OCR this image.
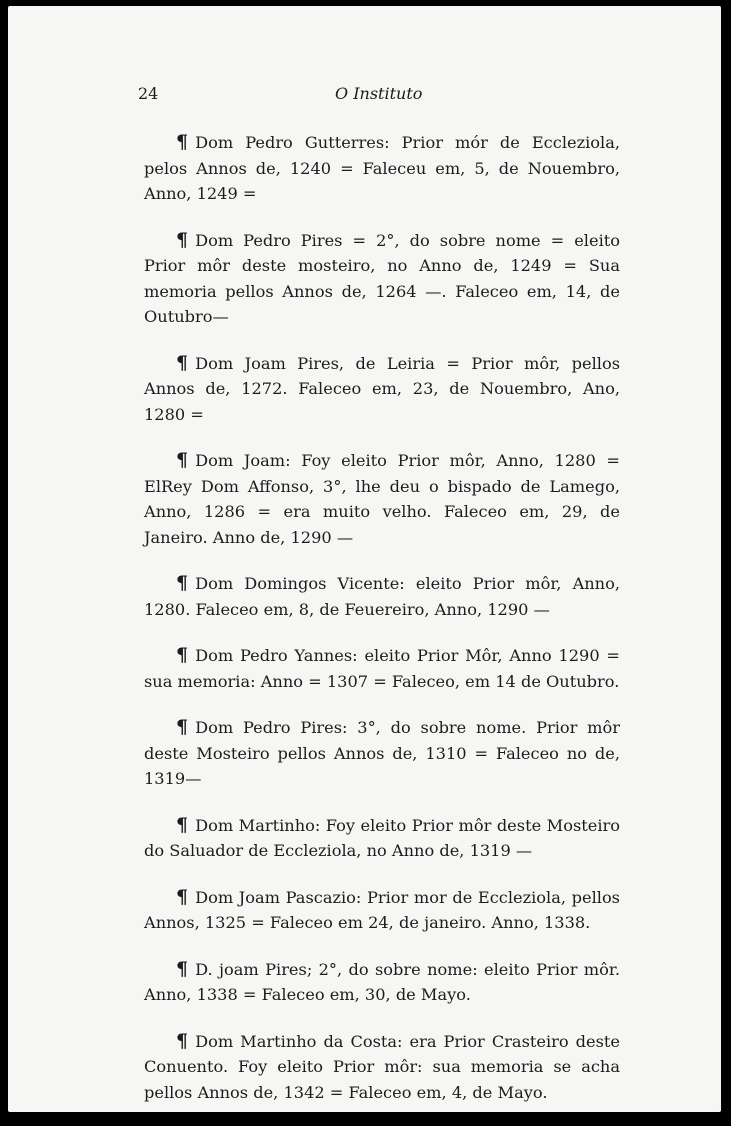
24	O Instituto

¶ Dom Pedro Gutterres: Prior mór de Eccleziola, pelos Annos de, 1240 = Faleceu em, 5, de Nouembro, Anno, 1249 =

¶ Dom Pedro Pires = 2°, do sobre nome = eleito Prior môr deste mosteiro, no Anno de, 1249 = Sua memoria pellos Annos de, 1264 —. Faleceo em, 14, de Outubro—

¶ Dom Joam Pires, de Leiria = Prior môr, pellos Annos de, 1272. Faleceo em, 23, de Nouembro, Ano, 1280 =

¶ Dom Joam: Foy eleito Prior môr, Anno, 1280 = ElRey Dom Affonso, 3°, lhe deu o bispado de Lamego, Anno, 1286 = era muito velho. Faleceo em, 29, de Janeiro. Anno de, 1290 —

¶ Dom Domingos Vicente: eleito Prior môr, Anno, 1280. Faleceo em, 8, de Feuereiro, Anno, 1290 —

¶ Dom Pedro Yannes: eleito Prior Môr, Anno 1290 = sua memoria: Anno = 1307 = Faleceo, em 14 de Outubro.

¶ Dom Pedro Pires: 3°, do sobre nome. Prior môr deste Mosteiro pellos Annos de, 1310 = Faleceo no de, 1319—

¶ Dom Martinho: Foy eleito Prior môr deste Mosteiro do Saluador de Eccleziola, no Anno de, 1319 —

¶ Dom Joam Pascazio: Prior mor de Eccleziola, pellos Annos, 1325 = Faleceo em 24, de janeiro. Anno, 1338.

¶ D. joam Pires; 2°, do sobre nome: eleito Prior môr. Anno, 1338 = Faleceo em, 30, de Mayo.

¶ Dom Martinho da Costa: era Prior Crasteiro deste Conuento. Foy eleito Prior môr: sua memoria se acha pellos Annos de, 1342 = Faleceo em, 4, de Mayo.
